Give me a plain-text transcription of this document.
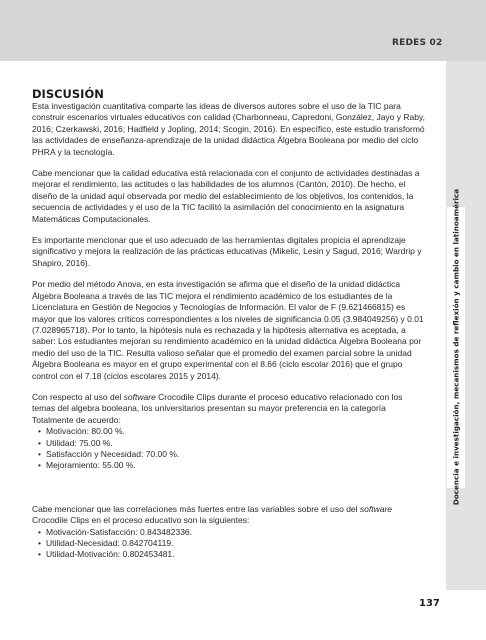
REDES 02
Docencia e investigación, mecanismos de reflexión y cambio en latinoamérica
DISCUSIÓN

Esta investigación cuantitativa comparte las ideas de diversos autores sobre el uso de la TIC para construir escenarios virtuales educativos con calidad (Charbonneau, Capredoni, González, Jayo y Raby, 2016; Czerkawski, 2016; Hadfield y Jopling, 2014; Scogin, 2016). En específico, este estudio transformó las actividades de enseñanza-aprendizaje de la unidad didáctica Álgebra Booleana por medio del ciclo PHRA y la tecnología.

Cabe mencionar que la calidad educativa está relacionada con el conjunto de actividades destinadas a mejorar el rendimiento, las actitudes o las habilidades de los alumnos (Cantón, 2010). De hecho, el diseño de la unidad aquí observada por medio del establecimiento de los objetivos, los contenidos, la secuencia de actividades y el uso de la TIC facilitó la asimilación del conocimiento en la asignatura Matemáticas Computacionales.

Es importante mencionar que el uso adecuado de las herramientas digitales propicia el aprendizaje significativo y mejora la realización de las prácticas educativas (Mikelic, Lesin y Sagud, 2016; Wardrip y Shapiro, 2016).

Por medio del método Anova, en esta investigación se afirma que el diseño de la unidad didáctica Álgebra Booleana a través de las TIC mejora el rendimiento académico de los estudiantes de la Licenciatura en Gestión de Negocios y Tecnologías de Información. El valor de F (9.621466815) es mayor que los valores críticos correspondientes a los niveles de significancia 0.05 (3.984049256) y 0.01 (7.028965718). Por lo tanto, la hipótesis nula es rechazada y la hipótesis alternativa es aceptada, a saber: Los estudiantes mejoran su rendimiento académico en la unidad didáctica Álgebra Booleana por medio del uso de la TIC. Resulta valioso señalar que el promedio del examen parcial sobre la unidad Álgebra Booleana es mayor en el grupo experimental con el 8.66 (ciclo escolar 2016) que el grupo control con el 7.18 (ciclos escolares 2015 y 2014).

Con respecto al uso del software Crocodile Clips durante el proceso educativo relacionado con los temas del algebra booleana, los universitarios presentan su mayor preferencia en la categoría Totalmente de acuerdo:

• Motivación: 80.00 %.
• Utilidad: 75.00 %.
• Satisfacción y Necesidad: 70.00 %.
• Mejoramiento: 55.00 %.

Cabe mencionar que las correlaciones más fuertes entre las variables sobre el uso del software Crocodile Clips en el proceso educativo son la siguientes:

• Motivación-Satisfacción: 0.843482336.
• Utilidad-Necesidad: 0.842704119.
• Utilidad-Motivación: 0.802453481.
137
